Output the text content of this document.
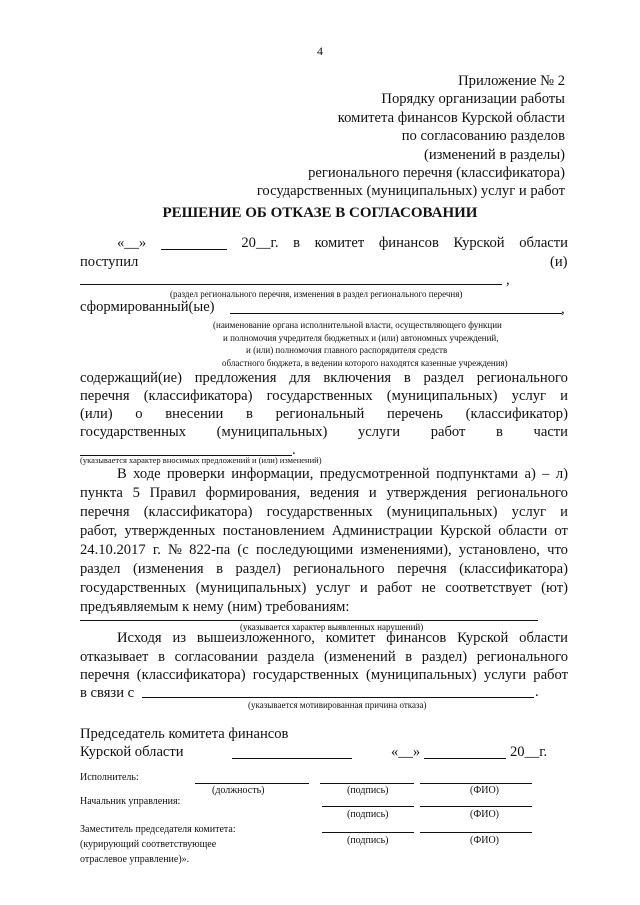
4
Приложение № 2
Порядку организации работы
комитета финансов Курской области
по согласованию разделов
(изменений в разделы)
регионального перечня (классификатора)
государственных (муниципальных) услуг и работ
РЕШЕНИЕ ОБ ОТКАЗЕ В СОГЛАСОВАНИИ
«__»	20__г. в комитет финансов Курской области
поступил	(и)
,
(раздел регионального перечня, изменения в раздел регионального перечня)
сформированный(ые)	,
(наименование органа исполнительной власти, осуществляющего функции
и полномочия учредителя бюджетных и (или) автономных учреждений,
и (или) полномочия главного распорядителя средств
областного бюджета, в ведении которого находятся казенные учреждения)
содержащий(ие) предложения для включения в раздел регионального
перечня (классификатора) государственных (муниципальных) услуг и
(или) о внесении в региональный перечень (классификатор)
государственных (муниципальных) услуги работ в части
.
(указывается характер вносимых предложений и (или) изменений)
В ходе проверки информации, предусмотренной подпунктами а) – л)
пункта 5 Правил формирования, ведения и утверждения регионального
перечня (классификатора) государственных (муниципальных) услуг и
работ, утвержденных постановлением Администрации Курской области от
24.10.2017 г. № 822-па (с последующими изменениями), установлено, что
раздел (изменения в раздел) регионального перечня (классификатора)
государственных (муниципальных) услуг и работ не соответствует (ют)
предъявляемым к нему (ним) требованиям:
(указывается характер выявленных нарушений)
Исходя из вышеизложенного, комитет финансов Курской области
отказывает в согласовании раздела (изменений в раздел) регионального
перечня (классификатора) государственных (муниципальных) услуги работ
в связи с	.
(указывается мотивированная причина отказа)
Председатель комитета финансов
Курской области	«__»	20__г.
Исполнитель:
(должность)	(подпись)	(ФИО)
Начальник управления:
(подпись)	(ФИО)
Заместитель председателя комитета:
(курирующий соответствующее
отраслевое управление)».
(подпись)	(ФИО)
